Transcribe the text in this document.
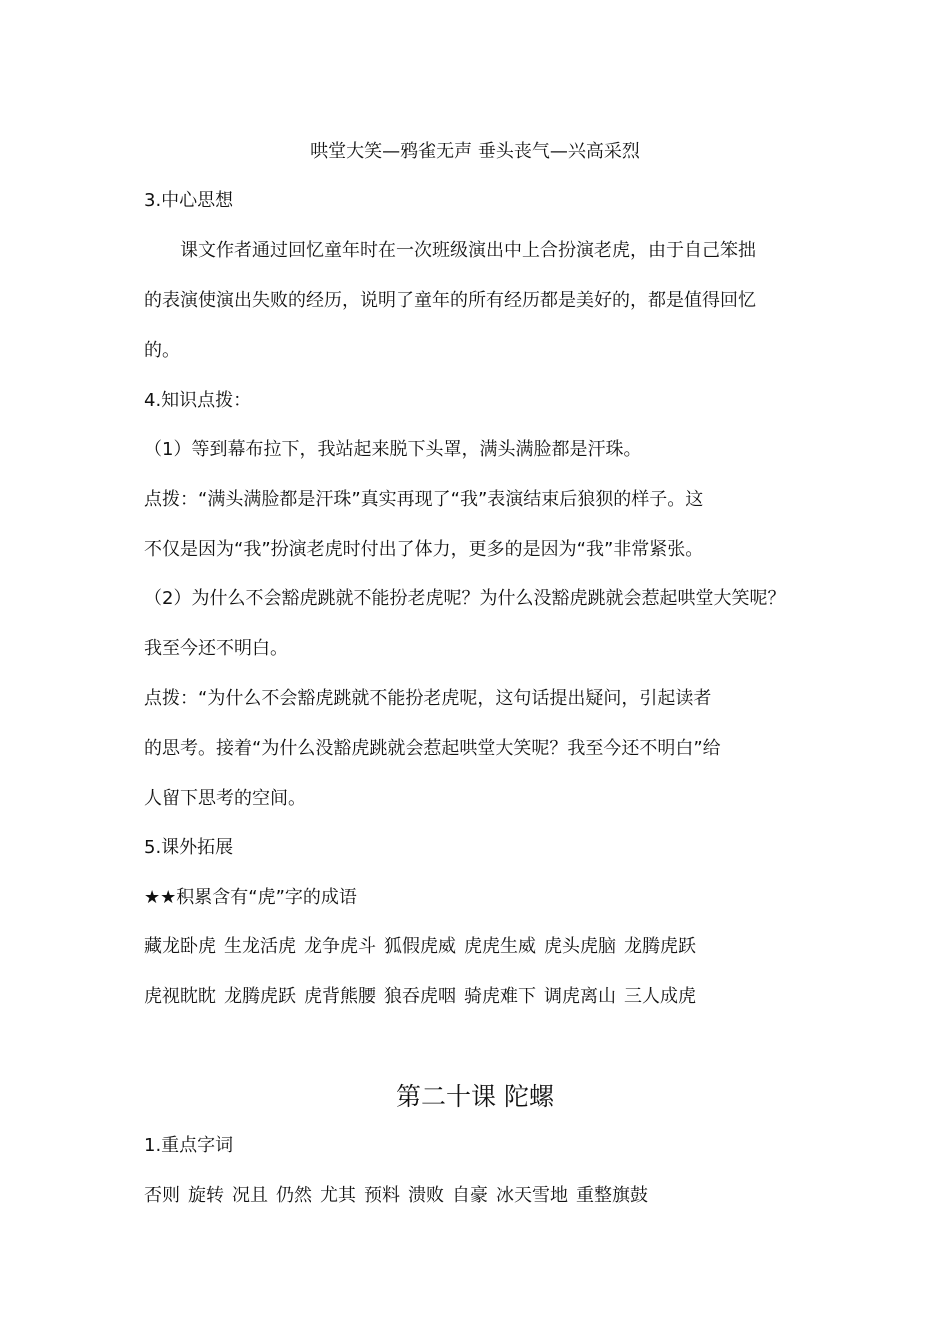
哄堂大笑—鸦雀无声 垂头丧气—兴高采烈
3.中心思想
课文作者通过回忆童年时在一次班级演出中上合扮演老虎，由于自己笨拙
的表演使演出失败的经历，说明了童年的所有经历都是美好的，都是值得回忆
的。
4.知识点拨：
（1）等到幕布拉下，我站起来脱下头罩，满头满脸都是汗珠。
点拨：“满头满脸都是汗珠”真实再现了“我”表演结束后狼狈的样子。这
不仅是因为“我”扮演老虎时付出了体力，更多的是因为“我”非常紧张。
（2）为什么不会豁虎跳就不能扮老虎呢？为什么没豁虎跳就会惹起哄堂大笑呢？
我至今还不明白。
点拨：“为什么不会豁虎跳就不能扮老虎呢，这句话提出疑问，引起读者
的思考。接着“为什么没豁虎跳就会惹起哄堂大笑呢？我至今还不明白”给
人留下思考的空间。
5.课外拓展
★★积累含有“虎”字的成语
藏龙卧虎 生龙活虎 龙争虎斗 狐假虎威 虎虎生威 虎头虎脑 龙腾虎跃
虎视眈眈 龙腾虎跃 虎背熊腰 狼吞虎咽 骑虎难下 调虎离山 三人成虎
第二十课 陀螺
1.重点字词
否则 旋转 况且 仍然 尤其 预料 溃败 自豪 冰天雪地 重整旗鼓
